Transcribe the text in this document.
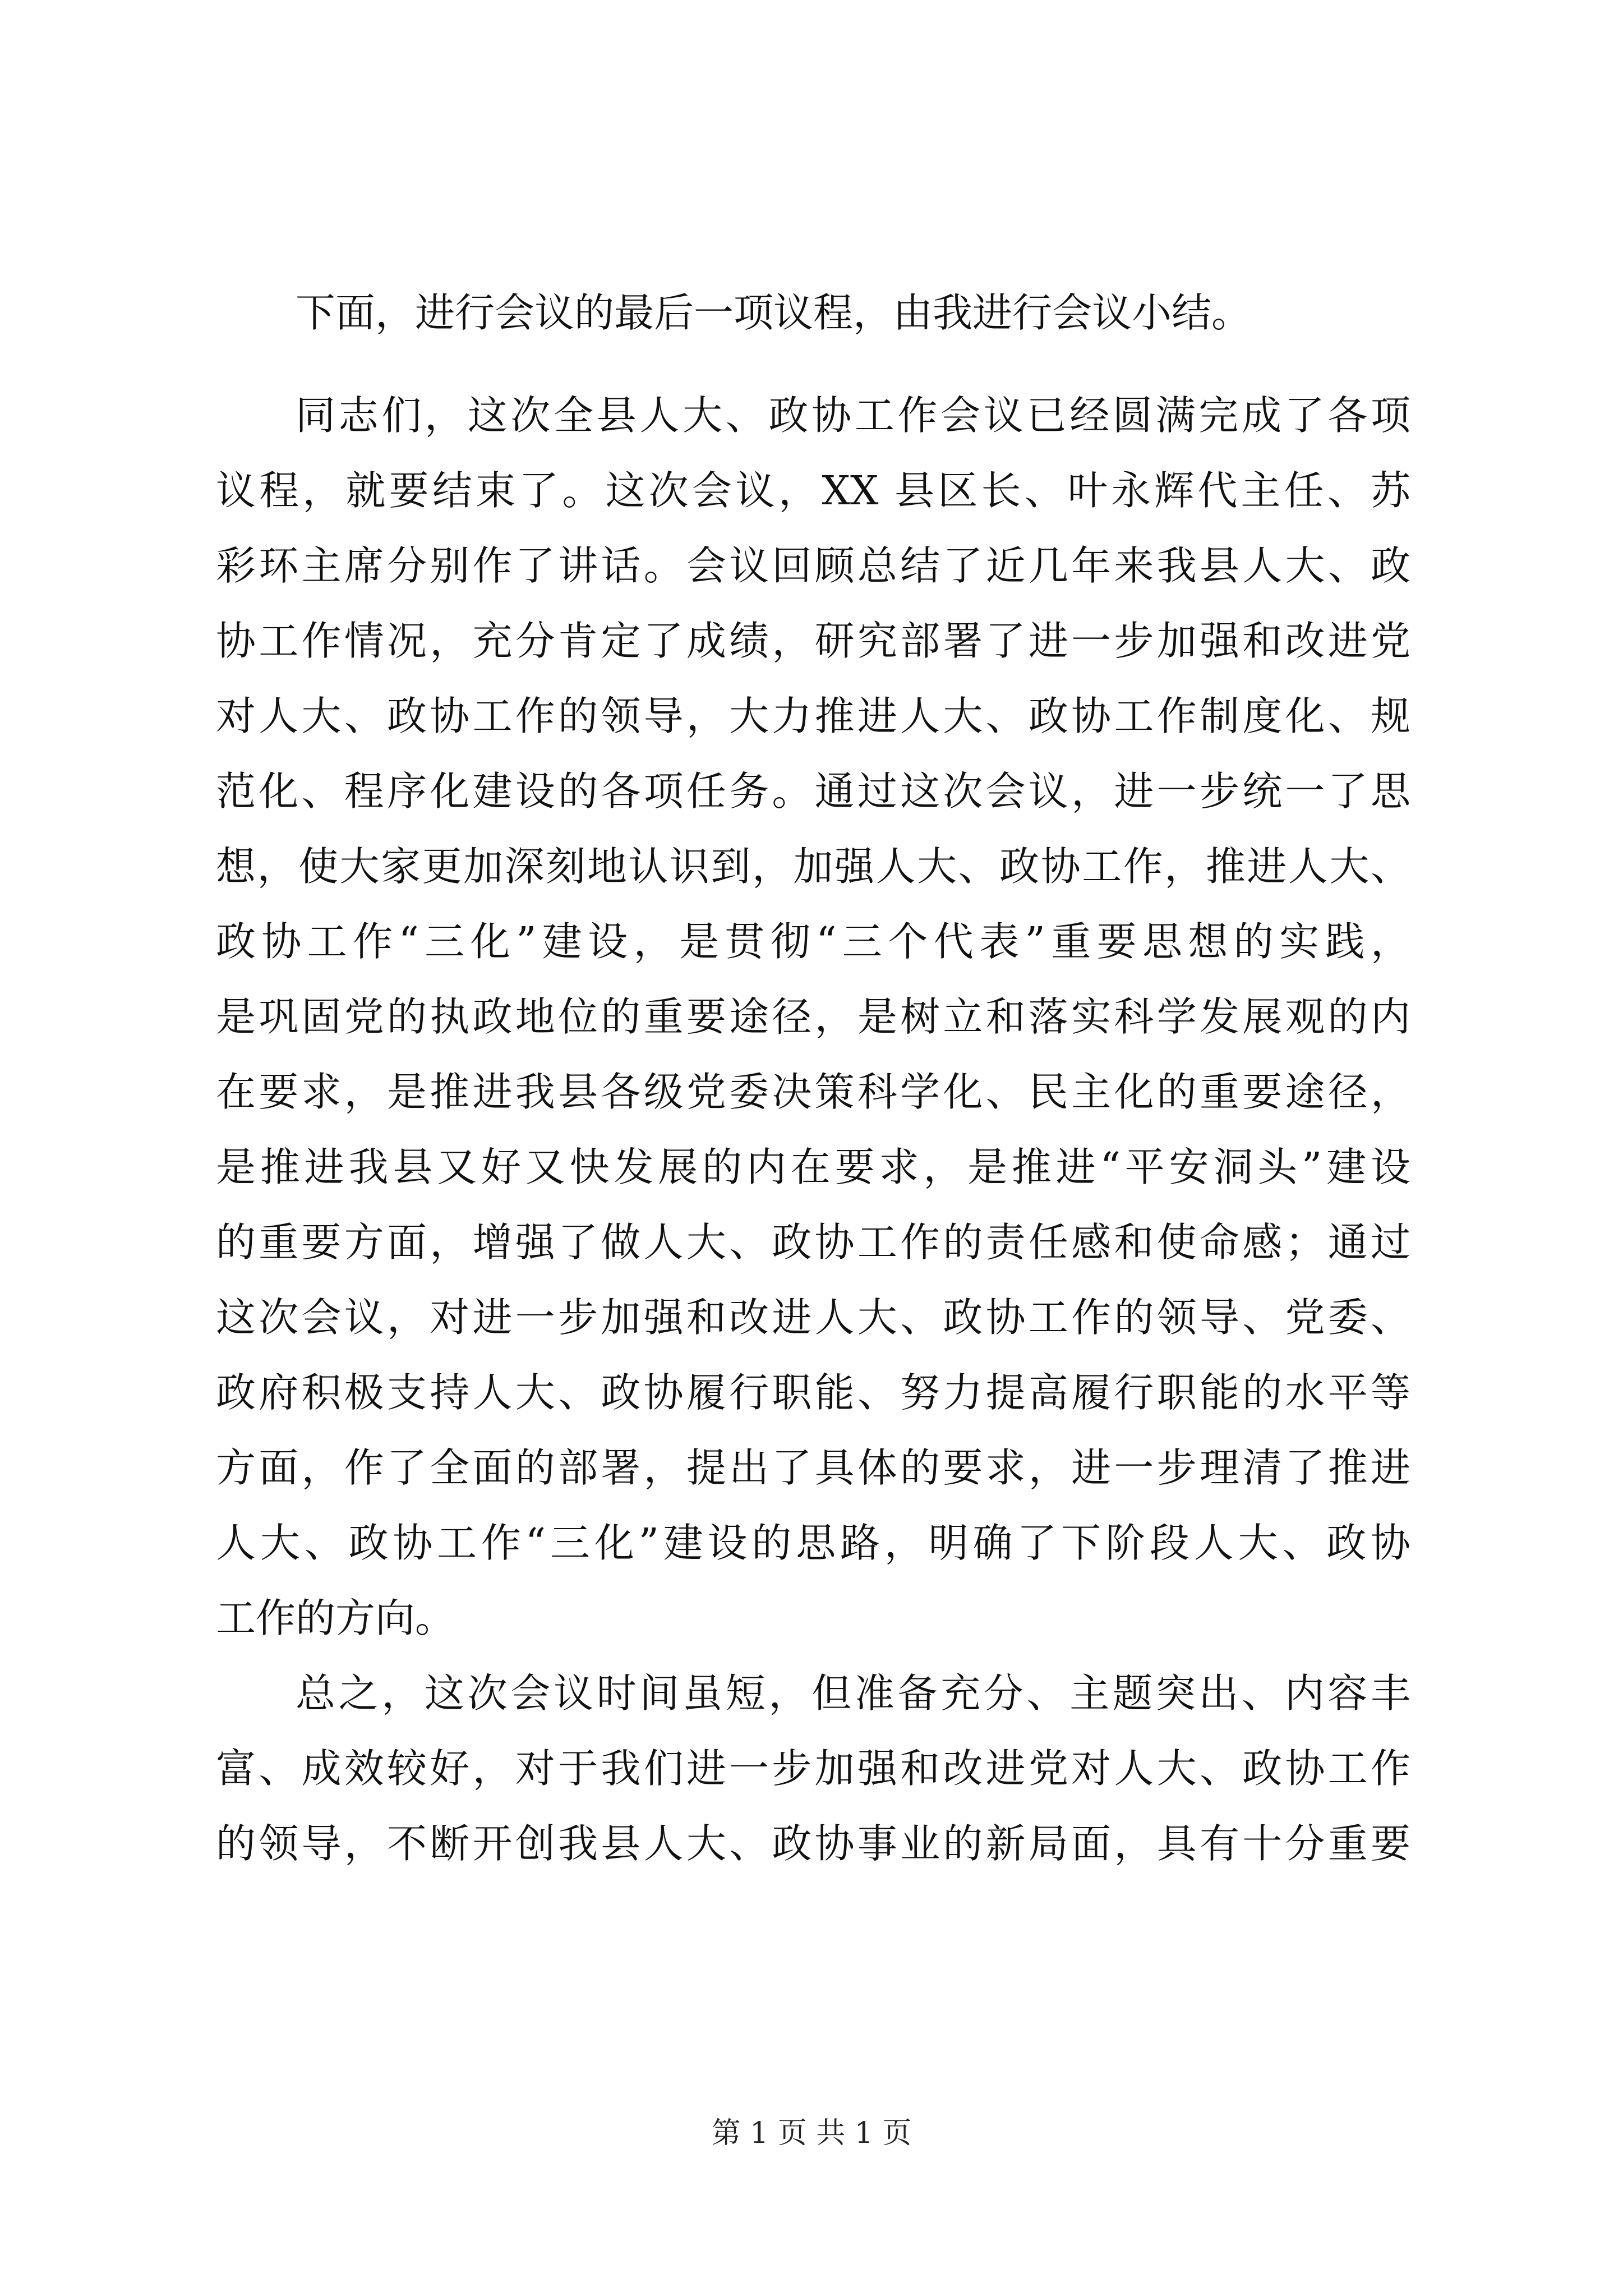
下面，进行会议的最后一项议程，由我进行会议小结。
同志们，这次全县人大、政协工作会议已经圆满完成了各项
议程，就要结束了。这次会议，XX 县区长、叶永辉代主任、苏
彩环主席分别作了讲话。会议回顾总结了近几年来我县人大、政
协工作情况，充分肯定了成绩，研究部署了进一步加强和改进党
对人大、政协工作的领导，大力推进人大、政协工作制度化、规
范化、程序化建设的各项任务。通过这次会议，进一步统一了思
想，使大家更加深刻地认识到，加强人大、政协工作，推进人大、
政协工作“三化”建设，是贯彻“三个代表”重要思想的实践，
是巩固党的执政地位的重要途径，是树立和落实科学发展观的内
在要求，是推进我县各级党委决策科学化、民主化的重要途径，
是推进我县又好又快发展的内在要求，是推进“平安洞头”建设
的重要方面，增强了做人大、政协工作的责任感和使命感；通过
这次会议，对进一步加强和改进人大、政协工作的领导、党委、
政府积极支持人大、政协履行职能、努力提高履行职能的水平等
方面，作了全面的部署，提出了具体的要求，进一步理清了推进
人大、政协工作“三化”建设的思路，明确了下阶段人大、政协
工作的方向。
总之，这次会议时间虽短，但准备充分、主题突出、内容丰
富、成效较好，对于我们进一步加强和改进党对人大、政协工作
的领导，不断开创我县人大、政协事业的新局面，具有十分重要
第 1 页 共 1 页
